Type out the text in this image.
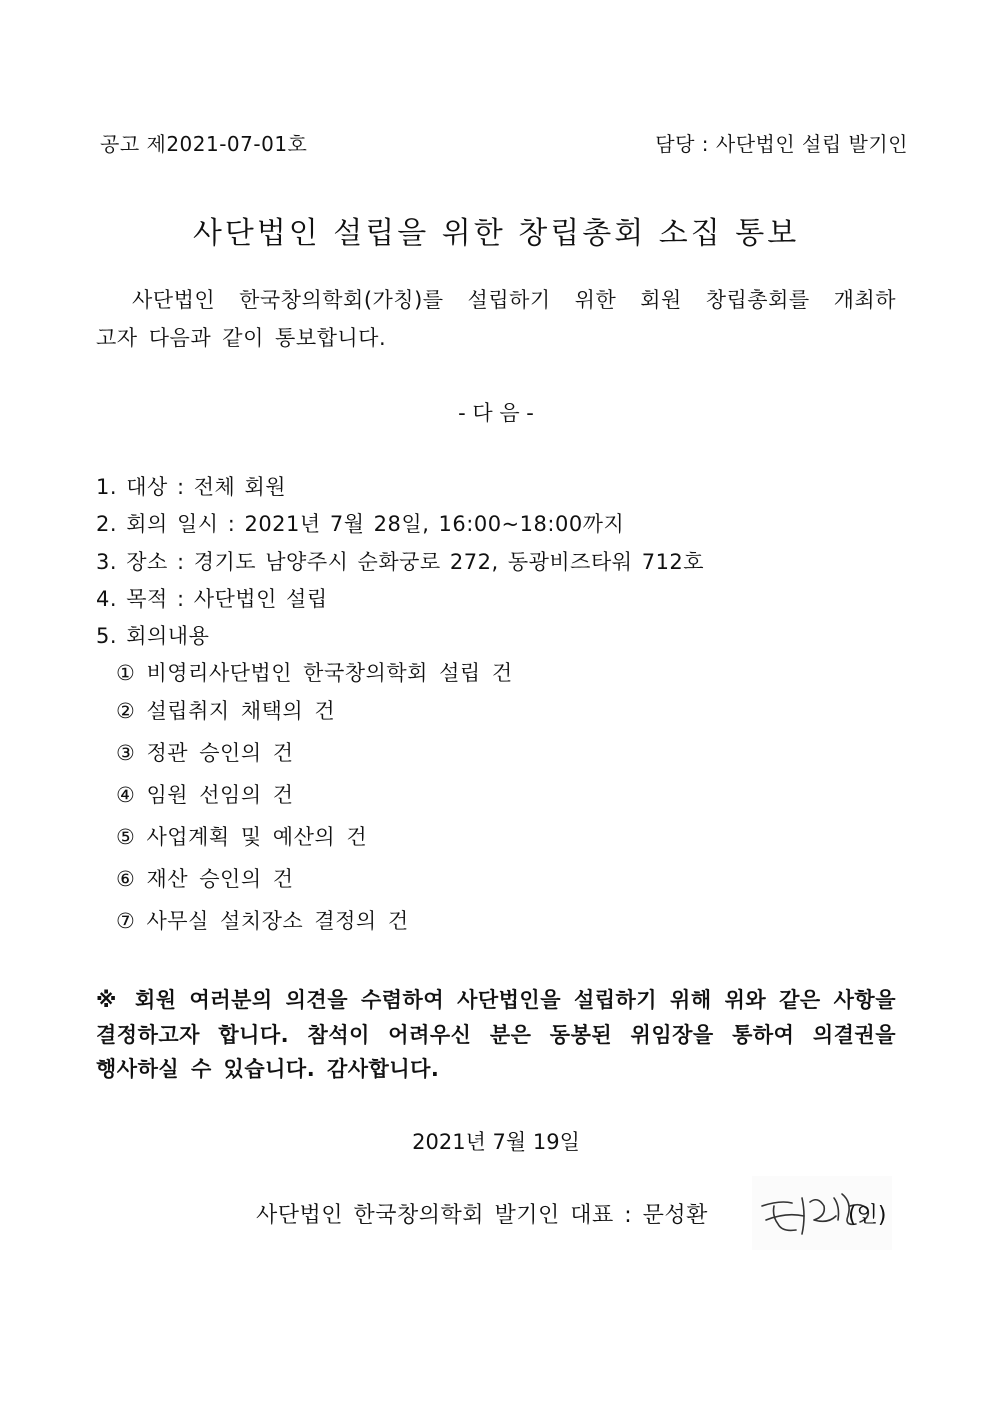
공고 제2021-07-01호	담당 : 사단법인 설립 발기인
사단법인 설립을 위한 창립총회 소집 통보
사단법인 한국창의학회(가칭)를 설립하기 위한 회원 창립총회를 개최하
고자 다음과 같이 통보합니다.
- 다 음 -
1. 대상 : 전체 회원
2. 회의 일시 : 2021년 7월 28일, 16:00~18:00까지
3. 장소 : 경기도 남양주시 순화궁로 272, 동광비즈타워 712호
4. 목적 : 사단법인 설립
5. 회의내용
① 비영리사단법인 한국창의학회 설립 건
② 설립취지 채택의 건
③ 정관 승인의 건
④ 임원 선임의 건
⑤ 사업계획 및 예산의 건
⑥ 재산 승인의 건
⑦ 사무실 설치장소 결정의 건
※ 회원 여러분의 의견을 수렴하여 사단법인을 설립하기 위해 위와 같은 사항을
결정하고자 합니다. 참석이 어려우신 분은 동봉된 위임장을 통하여 의결권을
행사하실 수 있습니다. 감사합니다.
2021년 7월 19일
사단법인 한국창의학회 발기인 대표 : 문성환	(인)
